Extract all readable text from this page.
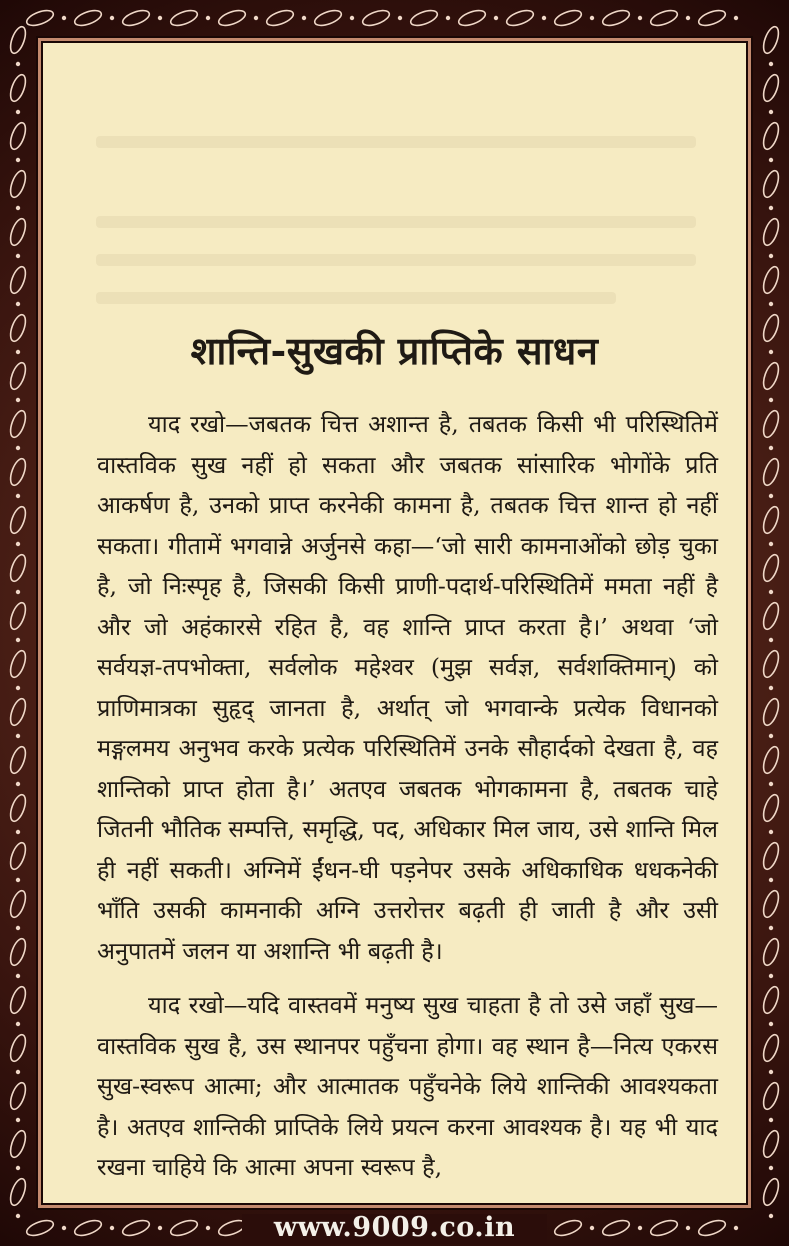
शान्ति-सुखकी प्राप्तिके साधन

याद रखो—जबतक चित्त अशान्त है, तबतक किसी भी परिस्थितिमें वास्तविक सुख नहीं हो सकता और जबतक सांसारिक भोगोंके प्रति आकर्षण है, उनको प्राप्त करनेकी कामना है, तबतक चित्त शान्त हो नहीं सकता। गीतामें भगवान्ने अर्जुनसे कहा—‘जो सारी कामनाओंको छोड़ चुका है, जो निःस्पृह है, जिसकी किसी प्राणी-पदार्थ-परिस्थितिमें ममता नहीं है और जो अहंकारसे रहित है, वह शान्ति प्राप्त करता है।’ अथवा ‘जो सर्वयज्ञ-तपभोक्ता, सर्वलोक महेश्वर (मुझ सर्वज्ञ, सर्वशक्तिमान्) को प्राणिमात्रका सुहृद् जानता है, अर्थात् जो भगवान्के प्रत्येक विधानको मङ्गलमय अनुभव करके प्रत्येक परिस्थितिमें उनके सौहार्दको देखता है, वह शान्तिको प्राप्त होता है।’ अतएव जबतक भोगकामना है, तबतक चाहे जितनी भौतिक सम्पत्ति, समृद्धि, पद, अधिकार मिल जाय, उसे शान्ति मिल ही नहीं सकती। अग्निमें ईंधन-घी पड़नेपर उसके अधिकाधिक धधकनेकी भाँति उसकी कामनाकी अग्नि उत्तरोत्तर बढ़ती ही जाती है और उसी अनुपातमें जलन या अशान्ति भी बढ़ती है।

याद रखो—यदि वास्तवमें मनुष्य सुख चाहता है तो उसे जहाँ सुख—वास्तविक सुख है, उस स्थानपर पहुँचना होगा। वह स्थान है—नित्य एकरस सुख-स्वरूप आत्मा; और आत्मातक पहुँचनेके लिये शान्तिकी आवश्यकता है। अतएव शान्तिकी प्राप्तिके लिये प्रयत्न करना आवश्यक है। यह भी याद रखना चाहिये कि आत्मा अपना स्वरूप है,

www.9009.co.in
